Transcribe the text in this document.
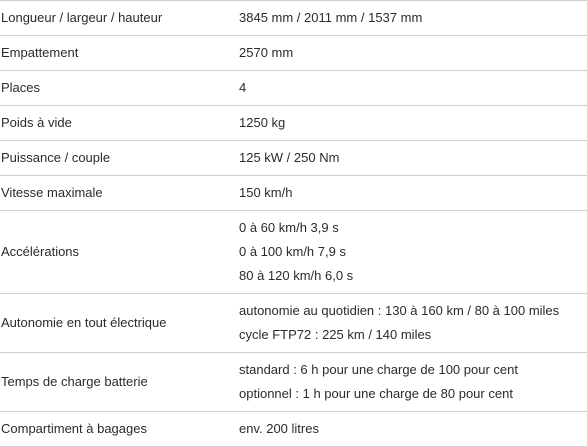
Longueur / largeur / hauteur	3845 mm / 2011 mm / 1537 mm

Empattement	2570 mm

Places	4

Poids à vide	1250 kg

Puissance / couple	125 kW / 250 Nm

Vitesse maximale	150 km/h

Accélérations	0 à 60 km/h 3,9 s
0 à 100 km/h 7,9 s
80 à 120 km/h 6,0 s

Autonomie en tout électrique	autonomie au quotidien : 130 à 160 km / 80 à 100 miles
cycle FTP72 : 225 km / 140 miles

Temps de charge batterie	standard : 6 h pour une charge de 100 pour cent
optionnel : 1 h pour une charge de 80 pour cent

Compartiment à bagages	env. 200 litres
